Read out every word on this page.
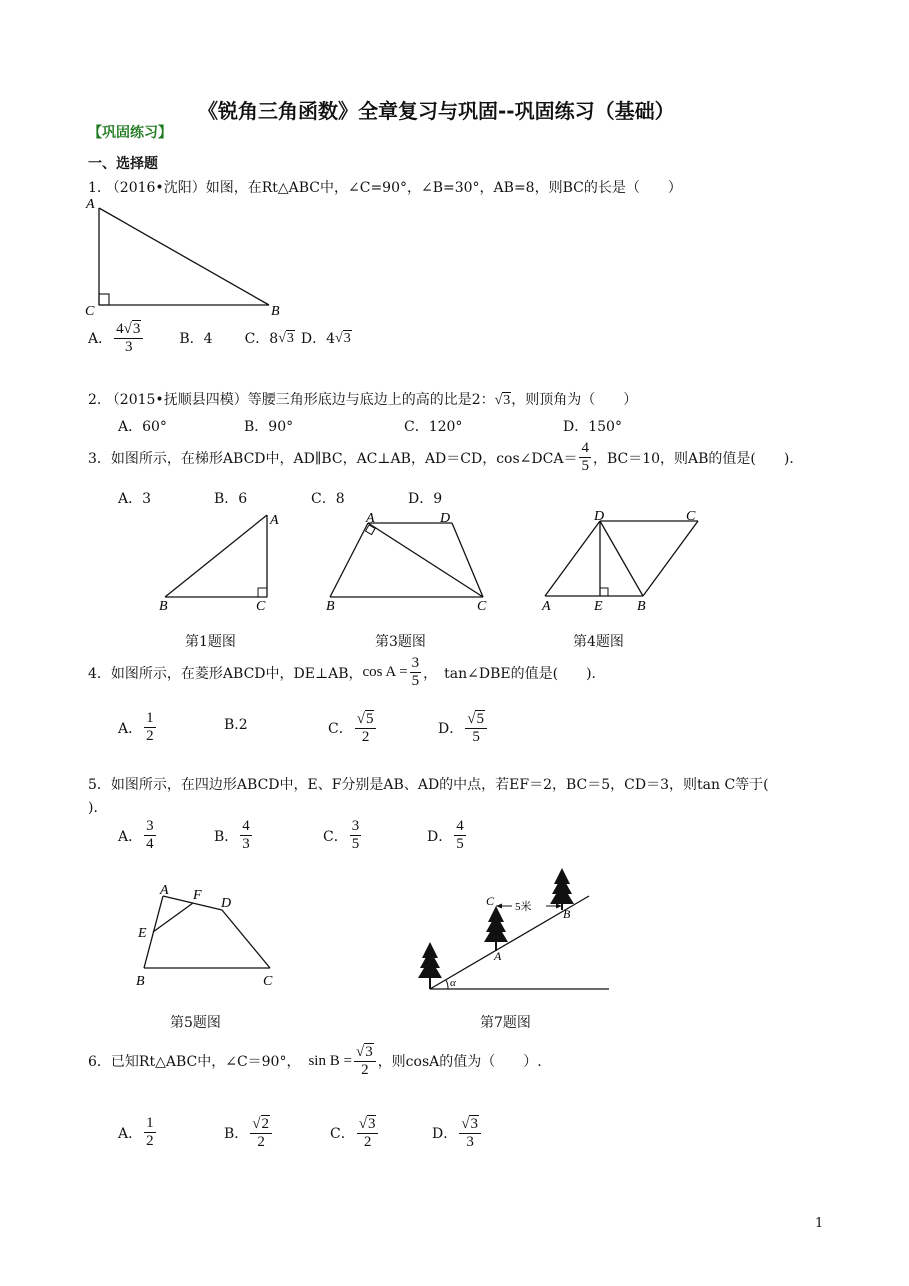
《锐角三角函数》全章复习与巩固--巩固练习（基础）
【巩固练习】
一、选择题
1. （2016•沈阳）如图，在Rt△ABC中，∠C=90°，∠B=30°，AB=8，则BC的长是（　　）
A
C	B
A． $\frac{4√3}{3}$	B．4 C．8 √3 D．4 √3
2. （2015•抚顺县四模）等腰三角形底边与底边上的高的比是2：√3，则顶角为（　　）
A．60°	B．90°	C．120°	D．150°
3．如图所示，在梯形ABCD中，AD∥BC，AC⊥AB，AD＝CD，cos∠DCA＝ $\frac{4}{5}$ ，BC＝10，则AB的值是(　　)．
A．3	B．6	C．8	D．9
A
B	C
A	D
B	C
D	C
A	E B
第1题图	第3题图	第4题图
4．如图所示，在菱形ABCD中，DE⊥AB， $\cos A = \frac{3}{5}$ ，　tan∠DBE的值是(　　)．
A． $\frac{1}{2}$	B.2	C． $\frac{√5}{2}$	D． $\frac{√5}{5}$
5．如图所示，在四边形ABCD中，E、F分别是AB、AD的中点，若EF＝2，BC＝5，CD＝3，则tan C等于(
)．
A． $\frac{3}{4}$	B． $\frac{4}{3}$	C． $\frac{3}{5}$	D． $\frac{4}{5}$
A F
D
E
B	C
5米
C
B
A
α
第5题图	第7题图
6．已知Rt△ABC中，∠C＝90°， $\sin B = \frac{√3}{2}$ ，则cosA的值为（　　）.
A． $\frac{1}{2}$	B． $\frac{√2}{2}$	C． $\frac{√3}{2}$	D． $\frac{√3}{3}$
1
